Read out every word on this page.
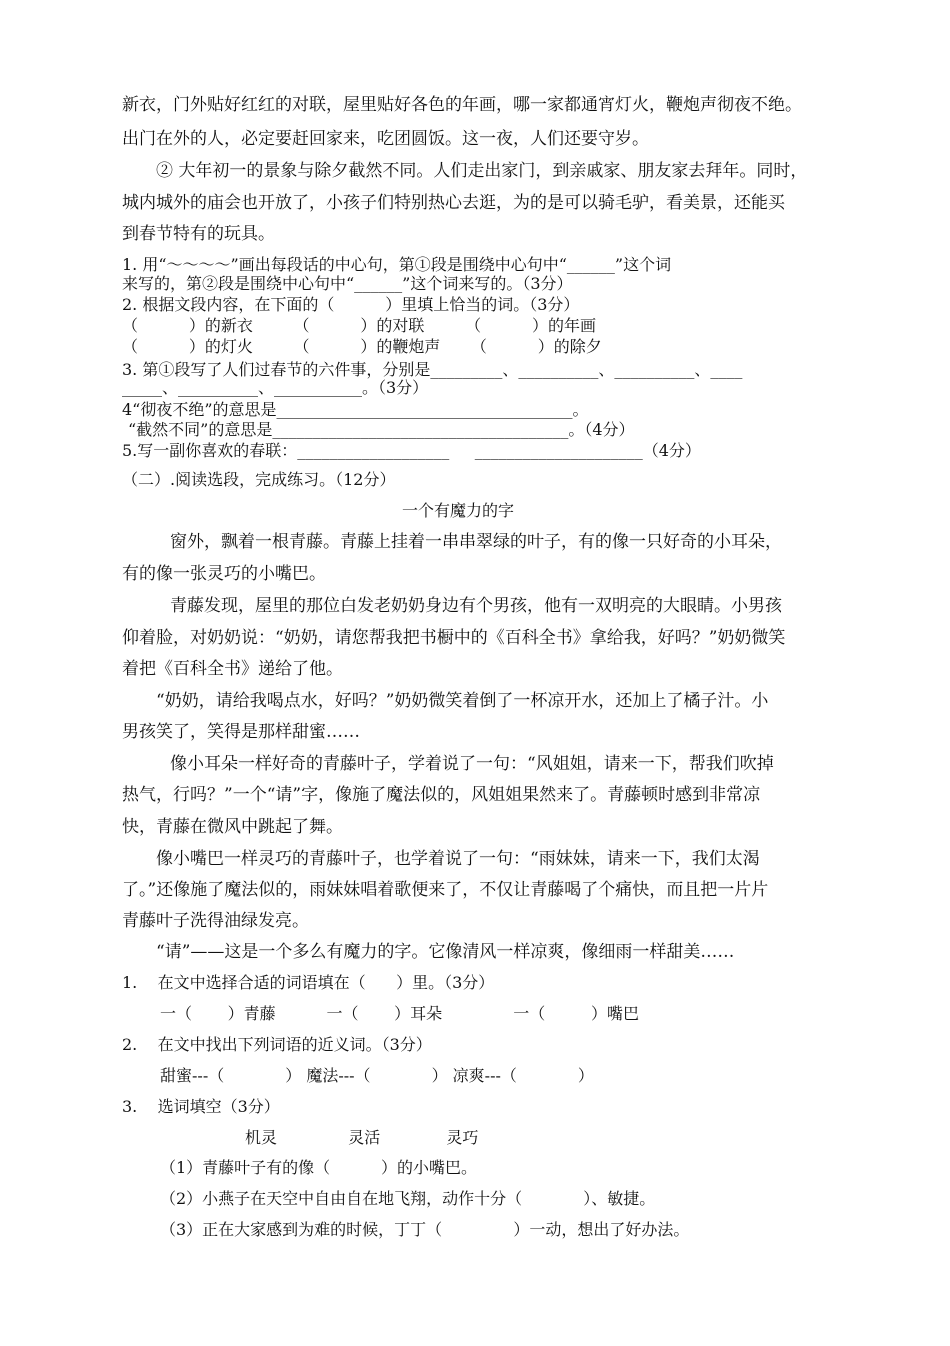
新衣，门外贴好红红的对联，屋里贴好各色的年画，哪一家都通宵灯火，鞭炮声彻夜不绝。
出门在外的人，必定要赶回家来，吃团圆饭。这一夜，人们还要守岁。
② 大年初一的景象与除夕截然不同。人们走出家门，到亲戚家、朋友家去拜年。同时，
城内城外的庙会也开放了，小孩子们特别热心去逛，为的是可以骑毛驴，看美景，还能买
到春节特有的玩具。
1. 用“～～～～”画出每段话的中心句，第①段是围绕中心句中“______”这个词
来写的，第②段是围绕中心句中“______”这个词来写的。（3分）
2. 根据文段内容，在下面的（          ）里填上恰当的词。（3分）
（          ）的新衣        （          ）的对联        （          ）的年画
（          ）的灯火        （          ）的鞭炮声      （          ）的除夕
3. 第①段写了人们过春节的六件事，分别是_________、__________、__________、____
_____、__________、___________。（3分）
4“彻夜不绝”的意思是_____________________________________。
“截然不同”的意思是_____________________________________。（4分）
5.写一副你喜欢的春联：___________________     _____________________（4分）
（二）.阅读选段，完成练习。（12分）
一个有魔力的字
窗外，飘着一根青藤。青藤上挂着一串串翠绿的叶子，有的像一只好奇的小耳朵，
有的像一张灵巧的小嘴巴。
青藤发现，屋里的那位白发老奶奶身边有个男孩，他有一双明亮的大眼睛。小男孩
仰着脸，对奶奶说：“奶奶，请您帮我把书橱中的《百科全书》拿给我，好吗？”奶奶微笑
着把《百科全书》递给了他。
“奶奶，请给我喝点水，好吗？”奶奶微笑着倒了一杯凉开水，还加上了橘子汁。小
男孩笑了，笑得是那样甜蜜……
像小耳朵一样好奇的青藤叶子，学着说了一句：“风姐姐，请来一下，帮我们吹掉
热气，行吗？”一个“请”字，像施了魔法似的，风姐姐果然来了。青藤顿时感到非常凉
快，青藤在微风中跳起了舞。
像小嘴巴一样灵巧的青藤叶子，也学着说了一句：“雨妹妹，请来一下，我们太渴
了。”还像施了魔法似的，雨妹妹唱着歌便来了，不仅让青藤喝了个痛快，而且把一片片
青藤叶子洗得油绿发亮。
“请”——这是一个多么有魔力的字。它像清风一样凉爽，像细雨一样甜美……
1.    在文中选择合适的词语填在（      ）里。（3分）
一（       ）青藤          一（       ）耳朵              一（         ）嘴巴
2.    在文中找出下列词语的近义词。（3分）
甜蜜---（            ） 魔法---（            ） 凉爽---（            ）
3.    选词填空（3分）
机灵              灵活             灵巧
（1）青藤叶子有的像（          ）的小嘴巴。
（2）小燕子在天空中自由自在地飞翔，动作十分（            ）、敏捷。
（3）正在大家感到为难的时候，丁丁（              ）一动，想出了好办法。
